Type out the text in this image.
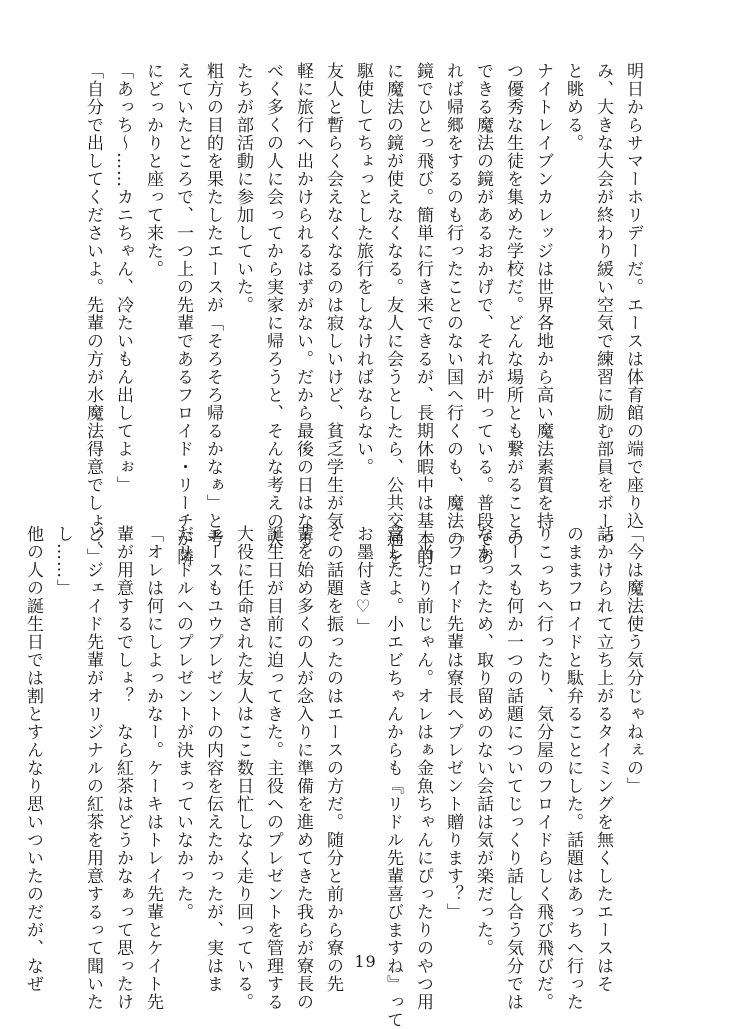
明日からサマーホリデーだ。エースは体育館の端で座り込
み、大きな大会が終わり緩い空気で練習に励む部員をボーっ
と眺める。
ナイトレイブンカレッジは世界各地から高い魔法素質を持
つ優秀な生徒を集めた学校だ。どんな場所とも繋がることの
できる魔法の鏡があるおかげで、それが叶っている。普段であ
れば帰郷をするのも行ったことのない国へ行くのも、魔法の
鏡でひとっ飛び。簡単に行き来できるが、長期休暇中は基本的
に魔法の鏡が使えなくなる。友人に会うとしたら、公共交通を
駆使してちょっとした旅行をしなければならない。
友人と暫らく会えなくなるのは寂しいけど、貧乏学生が気
軽に旅行へ出かけられるはずがない。だから最後の日はなる
べく多くの人に会ってから実家に帰ろうと、そんな考えの人
たちが部活動に参加していた。
粗方の目的を果たしたエースが「そろそろ帰るかなぁ」と考
えていたところで、一つ上の先輩であるフロイド・リーチが隣
にどっかりと座って来た。
「あっち〜……カニちゃん、冷たいもん出してよぉ」
「自分で出してくださいよ。先輩の方が水魔法得意でしょ？」
「今は魔法使う気分じゃねぇの」
話かけられて立ち上がるタイミングを無くしたエースはそ
のままフロイドと駄弁ることにした。話題はあっちへ行った
りこっちへ行ったり、気分屋のフロイドらしく飛び飛びだ。
エースも何か一つの話題についてじっくり話し合う気分では
なかったため、取り留めのない会話は気が楽だった。
「フロイド先輩は寮長へプレゼント贈ります？」
「当たり前じゃん。オレはぁ金魚ちゃんにぴったりのやつ用
意したよ。小エビちゃんからも『リドル先輩喜びますね』って
お墨付き♡」
その話題を振ったのはエースの方だ。随分と前から寮の先
輩を始め多くの人が念入りに準備を進めてきた我らが寮長の
誕生日が目前に迫ってきた。主役へのプレゼントを管理する
大役に任命された友人はここ数日忙しなく走り回っている。
エースもユウプレゼントの内容を伝えたかったが、実はま
だリドルへのプレゼントが決まっていなかった。
「オレは何にしよっかなー。ケーキはトレイ先輩とケイト先
輩が用意するでしょ？　なら紅茶はどうかなぁって思ったけ
ど、ジェイド先輩がオリジナルの紅茶を用意するって聞いた
し……」
他の人の誕生日では割とすんなり思いついたのだが、なぜ	19
